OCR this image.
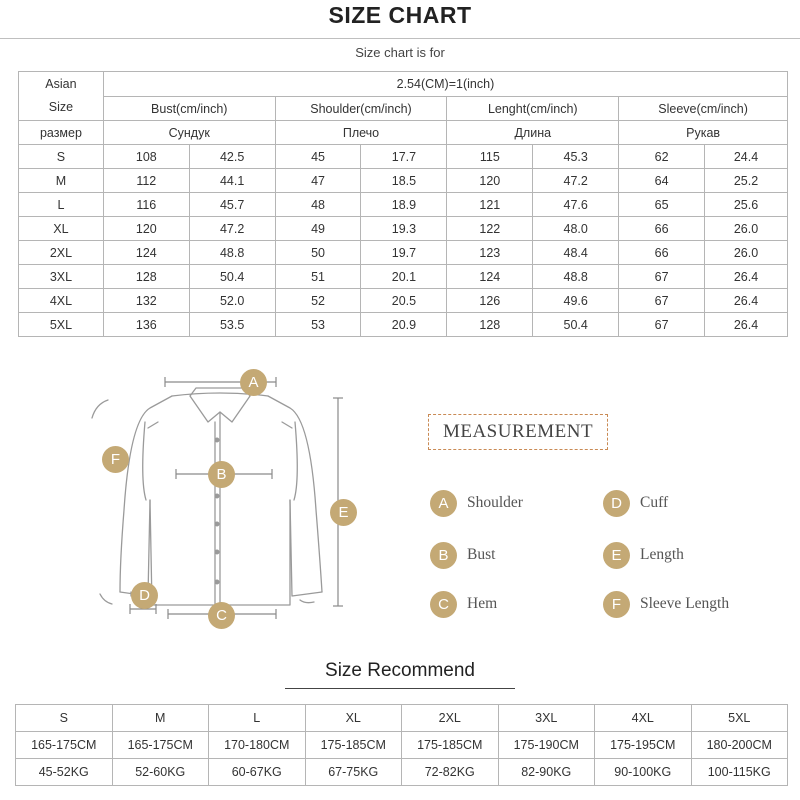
SIZE CHART
Size chart is for
Asian
Size	2.54(CM)=1(inch)							
	Bust(cm/inch)		Shoulder(cm/inch)		Lenght(cm/inch)		Sleeve(cm/inch)	
размер	Сундук		Плечо		Длина		Рукав	
S	108	42.5	45	17.7	115	45.3	62	24.4
M	112	44.1	47	18.5	120	47.2	64	25.2
L	116	45.7	48	18.9	121	47.6	65	25.6
XL	120	47.2	49	19.3	122	48.0	66	26.0
2XL	124	48.8	50	19.7	123	48.4	66	26.0
3XL	128	50.4	51	20.1	124	48.8	67	26.4
4XL	132	52.0	52	20.5	126	49.6	67	26.4
5XL	136	53.5	53	20.9	128	50.4	67	26.4
A
B
C
D
E
F
MEASUREMENT
A	Shoulder
B	Bust
C	Hem
D	Cuff
E	Length
F	Sleeve Length
Size Recommend
S	M	L	XL	2XL	3XL	4XL	5XL
165-175CM	165-175CM	170-180CM	175-185CM	175-185CM	175-190CM	175-195CM	180-200CM
45-52KG	52-60KG	60-67KG	67-75KG	72-82KG	82-90KG	90-100KG	100-115KG
